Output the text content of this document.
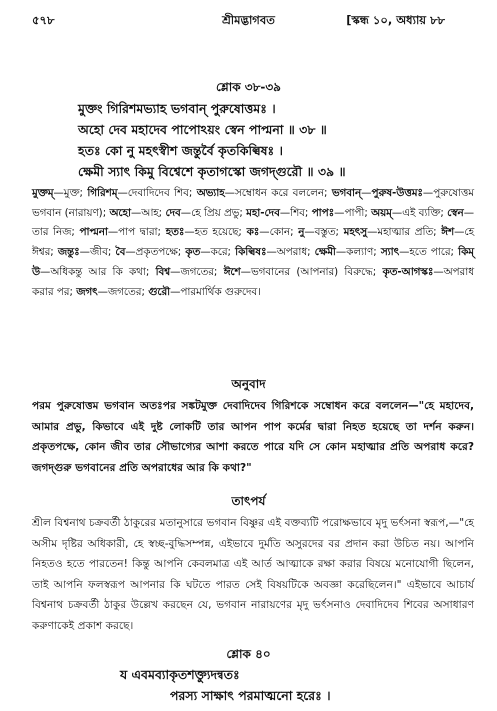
৫৭৮	শ্রীমদ্ভাগবত	[স্কন্ধ ১০, অধ্যায় ৮৮
শ্লোক ৩৮-৩৯
মুক্তং গিরিশমভ্যাহ ভগবান্ পুরুষোত্তমঃ ।
অহো দেব মহাদেব পাপোঽয়ং স্বেন পাপ্মনা ॥ ৩৮ ॥
হতঃ কো নু মহৎস্বীশ জন্তুর্বৈ কৃতকিল্বিষঃ ।
ক্ষেমী স্যাৎ কিমু বিশ্বেশে কৃতাগস্কো জগদ্‌গুরৌ ॥ ৩৯ ॥
মুক্তম্—মুক্ত; গিরিশম্—দেবাদিদেব শিব; অভ্যাহ—সম্বোধন করে বললেন; ভগবান্—পুরুষ-উত্তমঃ—পুরুষোত্তম ভগবান (নারায়ণ); অহো—আহ; দেব—হে প্রিয় প্রভু; মহা-দেব—শিব; পাপঃ—পাপী; অয়ম্—এই ব্যক্তি; স্বেন—তার নিজ; পাপ্মনা—পাপ দ্বারা; হতঃ—হত হয়েছে; কঃ—কোন; নু—বস্তুত; মহৎসু—মহাত্মার প্রতি; ঈশ—হে ঈশ্বর; জন্তুঃ—জীব; বৈ—প্রকৃতপক্ষে; কৃত—করে; কিল্বিষঃ—অপরাধ; ক্ষেমী—কল্যাণ; স্যাৎ—হতে পারে; কিম্ উ—অধিকন্তু আর কি কথা; বিশ্ব—জগতের; ঈশে—ভগবানের (আপনার) বিরুদ্ধে; কৃত-আগস্কঃ—অপরাধ করার পর; জগৎ—জগতের; গুরৌ—পারমার্থিক গুরুদেব।
অনুবাদ
পরম পুরুষোত্তম ভগবান অতঃপর সঙ্কটমুক্ত দেবাদিদেব গিরিশকে সম্বোধন করে বললেন—"হে মহাদেব, আমার প্রভু, কিভাবে এই দুষ্ট লোকটি তার আপন পাপ কর্মের দ্বারা নিহত হয়েছে তা দর্শন করুন। প্রকৃতপক্ষে, কোন জীব তার সৌভাগ্যের আশা করতে পারে যদি সে কোন মহাত্মার প্রতি অপরাধ করে? জগদ্‌গুরু ভগবানের প্রতি অপরাধের আর কি কথা?"
তাৎপর্য
শ্রীল বিশ্বনাথ চক্রবর্তী ঠাকুরের মতানুসারে ভগবান বিষ্ণুর এই বক্তব্যটি পরোক্ষভাবে মৃদু ভর্ৎসনা স্বরূপ,—"হে অসীম দৃষ্টির অধিকারী, হে স্বচ্ছ-বুদ্ধিসম্পন্ন, এইভাবে দুর্মতি অসুরদের বর প্রদান করা উচিত নয়। আপনি নিহতও হতে পারতেন! কিন্তু আপনি কেবলমাত্র এই আর্ত আত্মাকে রক্ষা করার বিষয়ে মনোযোগী ছিলেন, তাই আপনি ফলস্বরূপ আপনার কি ঘটতে পারত সেই বিষয়টিকে অবজ্ঞা করেছিলেন।" এইভাবে আচার্য বিশ্বনাথ চক্রবর্তী ঠাকুর উল্লেখ করছেন যে, ভগবান নারায়ণের মৃদু ভর্ৎসনাও দেবাদিদেব শিবের অসাধারণ করুণাকেই প্রকাশ করছে।
শ্লোক ৪০
য এবমব্যাকৃতশক্ত্যুদন্বতঃ
পরস্য সাক্ষাৎ পরমাত্মনো হরেঃ ।
